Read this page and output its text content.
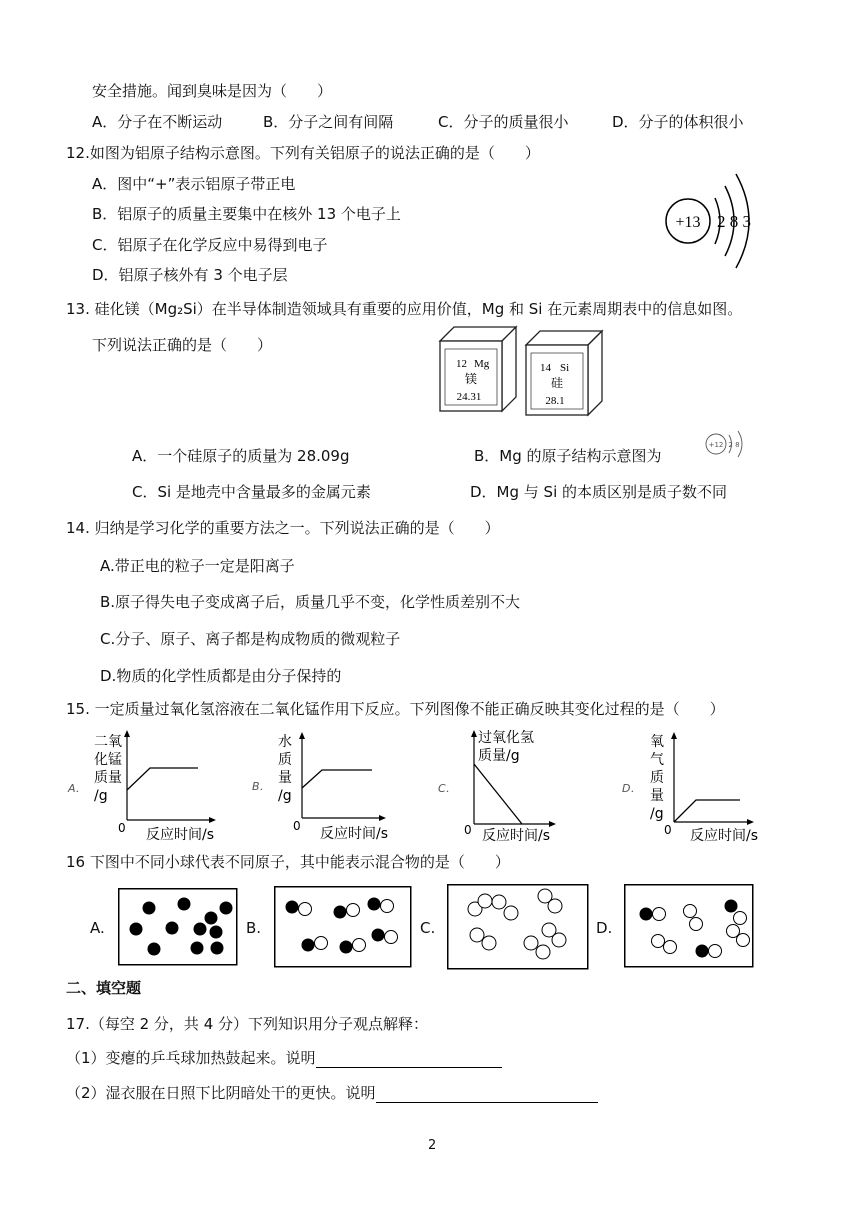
安全措施。闻到臭味是因为（　　）
A．分子在不断运动	B．分子之间有间隔	C．分子的质量很小	D．分子的体积很小
12.如图为铝原子结构示意图。下列有关铝原子的说法正确的是（　　）
A．图中“+”表示铝原子带正电
B．铝原子的质量主要集中在核外 13 个电子上
C．铝原子在化学反应中易得到电子
D．铝原子核外有 3 个电子层
+13 2 8 3
13. 硅化镁（Mg₂Si）在半导体制造领域具有重要的应用价值，Mg 和 Si 在元素周期表中的信息如图。
下列说法正确的是（　　）
12 Mg
镁
24.31
14 Si
硅
28.1
A．一个硅原子的质量为 28.09g	B．Mg 的原子结构示意图为
+12 2 8
C．Si 是地壳中含量最多的金属元素	D．Mg 与 Si 的本质区别是质子数不同
14. 归纳是学习化学的重要方法之一。下列说法正确的是（　　）
A.带正电的粒子一定是阳离子
B.原子得失电子变成离子后，质量几乎不变，化学性质差别不大
C.分子、原子、离子都是构成物质的微观粒子
D.物质的化学性质都是由分子保持的
15. 一定质量过氧化氢溶液在二氧化锰作用下反应。下列图像不能正确反映其变化过程的是（　　）
A．
二氧
化锰
质量
/g
0 反应时间/s
B．
水
质
量
/g
0 反应时间/s
C．
过氧化氢
质量/g
0 反应时间/s
D．
氧
气
质
量
/g
0 反应时间/s
16 下图中不同小球代表不同原子，其中能表示混合物的是（　　）
A.	B.	C.	D.
二、填空题
17.（每空 2 分，共 4 分）下列知识用分子观点解释：
（1）变瘪的乒乓球加热鼓起来。说明
（2）湿衣服在日照下比阴暗处干的更快。说明
2
